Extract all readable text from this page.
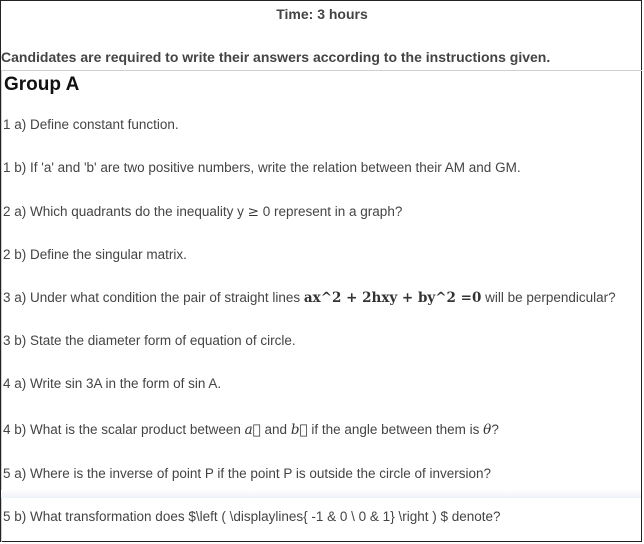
Time: 3 hours
Candidates are required to write their answers according to the instructions given.
Group A
1 a) Define constant function.
1 b) If 'a' and 'b' are two positive numbers, write the relation between their AM and GM.
2 a) Which quadrants do the inequality y ≥ 0 represent in a graph?
2 b) Define the singular matrix.
3 a) Under what condition the pair of straight lines ax^2 + 2hxy + by^2 =0 will be perpendicular?
3 b) State the diameter form of equation of circle.
4 a) Write sin 3A in the form of sin A.
4 b) What is the scalar product between a⃗ and b⃗ if the angle between them is θ?
5 a) Where is the inverse of point P if the point P is outside the circle of inversion?
5 b) What transformation does $\left ( \displaylines{ -1 & 0 \ 0 & 1} \right ) $ denote?
